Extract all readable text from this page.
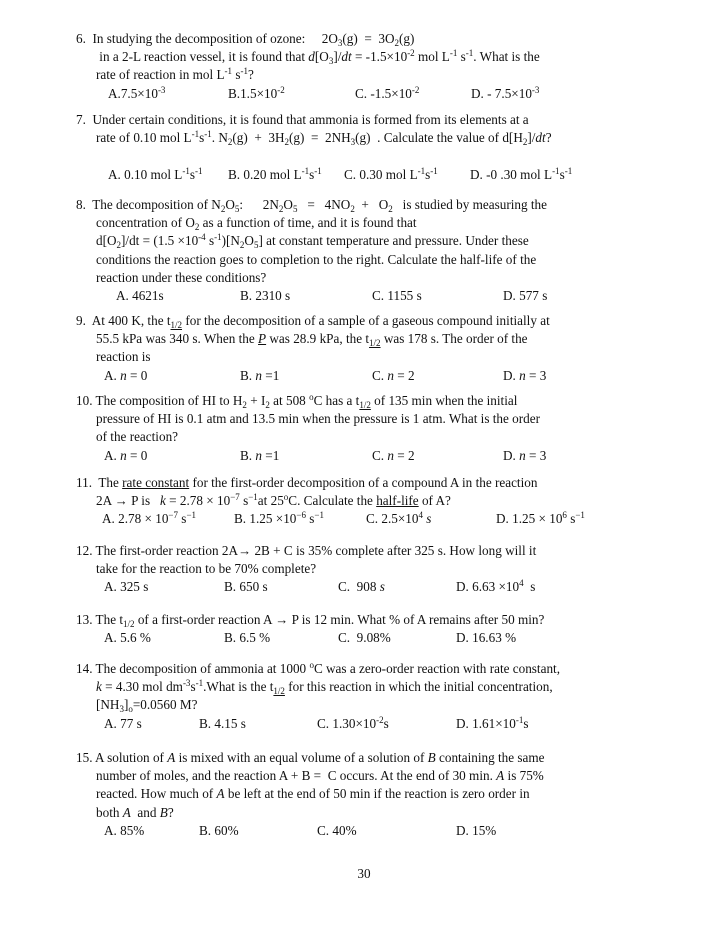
6.  In studying the decomposition of ozone:     $2O_3(g) = 3O_2(g)$
in a 2-L reaction vessel, it is found that $d[O_3]/dt = -1.5\times 10^{-2}$ mol $L^{-1}$ $s^{-1}$. What is the
rate of reaction in mol $L^{-1}$ $s^{-1}$?
$A.7.5\times 10^{-3}$	$B.1.5\times 10^{-2}$	C. $-1.5\times 10^{-2}$	D. - $7.5\times 10^{-3}$
7.  Under certain conditions, it is found that ammonia is formed from its elements at a
rate of 0.10 mol $L^{-1}s^{-1}$. $N_2(g) + 3H_2(g) = 2NH_3(g)$  . Calculate the value of $d[H_2]/dt$?

A. 0.10 mol $L^{-1}s^{-1}$ B. 0.20 mol $L^{-1}s^{-1}$ C. 0.30 mol $L^{-1}s^{-1}$ D. -0 .30 mol $L^{-1}s^{-1}$
8.  The decomposition of $N_2O_5$:      $2N_2O_5 = 4NO_2 + O_2$   is studied by measuring the
concentration of $O_2$ as a function of time, and it is found that
$d[O_2]/dt = (1.5 \times 10^{-4}$ $s^{-1})[N_2O_5]$ at constant temperature and pressure. Under these
conditions the reaction goes to completion to the right. Calculate the half-life of the
reaction under these conditions?
A. 4621s	B. 2310 s	C. 1155 s	D. 577 s
9.  At 400 K, the $t_{1/2}$ for the decomposition of a sample of a gaseous compound initially at
55.5 kPa was 340 s. When the P was 28.9 kPa, the $t_{1/2}$ was 178 s. The order of the
reaction is
A. n = 0	B. n =1	C. n = 2	D. n = 3
10. The composition of HI to $H_2 + I_2$ at 508 $^o$C has a $t_{1/2}$ of 135 min when the initial
pressure of HI is 0.1 atm and 13.5 min when the pressure is 1 atm. What is the order
of the reaction?
A. n = 0	B. n =1	C. n = 2	D. n = 3
11.  The rate constant for the first-order decomposition of a compound A in the reaction
2A → P is   $k = 2.78 \times 10^{-7}$ $s^{-1}at$ 25$^o$C. Calculate the half-life of A?
A. $2.78 \times 10^{-7}$ $s^{-1}$	B. $1.25 \times 10^{-6}$ $s^{-1}$	C. $2.5\times 10^4$ s	D. $1.25 \times 10^6$ $s^{-1}$
12. The first-order reaction 2A→ 2B + C is 35% complete after 325 s. How long will it
take for the reaction to be 70% complete?
A. 325 s	B. 650 s	C.  908 s	D. $6.63 \times 10^4$  s
13. The $t_{1/2}$ of a first-order reaction A → P is 12 min. What % of A remains after 50 min?
A. 5.6 %	B. 6.5 %	C.  9.08%	D. 16.63 %
14. The decomposition of ammonia at 1000 $^o$C was a zero-order reaction with rate constant,
k = 4.30 mol $dm^{-3}s^{-1}.What$ is the $t_{1/2}$ for this reaction in which the initial concentration,
$[NH_3]_o=0.0560$ M?
A. 77 s	B. 4.15 s	C. $1.30\times 10^{-2}s$	D. $1.61\times 10^{-1}s$
15. A solution of A is mixed with an equal volume of a solution of B containing the same
number of moles, and the reaction A + B =  C occurs. At the end of 30 min. A is 75%
reacted. How much of A be left at the end of 50 min if the reaction is zero order in
both A  and B?
A. 85%	B. 60%	C. 40%	D. 15%
30
